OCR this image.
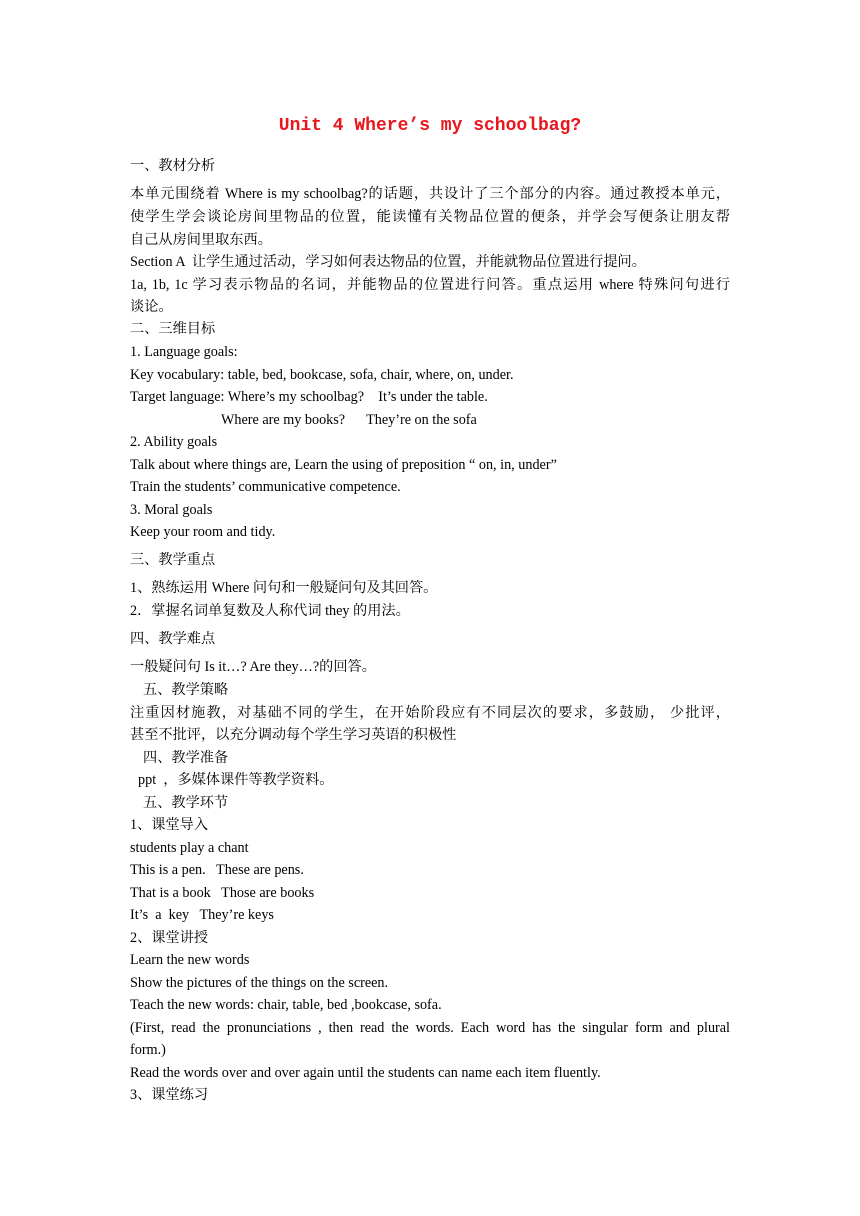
Unit 4 Where’s my schoolbag?
一、教材分析
本单元围绕着 Where is my schoolbag?的话题，共设计了三个部分的内容。通过教授本单元，
使学生学会谈论房间里物品的位置，能读懂有关物品位置的便条，并学会写便条让朋友帮
自己从房间里取东西。
Section A  让学生通过活动，学习如何表达物品的位置，并能就物品位置进行提问。
1a, 1b, 1c 学习表示物品的名词，并能物品的位置进行问答。重点运用 where 特殊问句进行
谈论。
二、三维目标
1. Language goals:
Key vocabulary: table, bed, bookcase, sofa, chair, where, on, under.
Target language: Where’s my schoolbag?    It’s under the table.
Where are my books?      They’re on the sofa
2. Ability goals
Talk about where things are, Learn the using of preposition “ on, in, under”
Train the students’ communicative competence.
3. Moral goals
Keep your room and tidy.
三、教学重点
1、熟练运用 Where 问句和一般疑问句及其回答。
2．掌握名词单复数及人称代词 they 的用法。
四、教学难点
一般疑问句 Is it…? Are they…?的回答。
五、教学策略
注重因材施教，对基础不同的学生，在开始阶段应有不同层次的要求，多鼓励， 少批评，
甚至不批评，以充分调动每个学生学习英语的积极性
四、教学准备
ppt  ，多媒体课件等教学资料。
五、教学环节
1、课堂导入
students play a chant
This is a pen.   These are pens.
That is a book   Those are books
It’s  a  key   They’re keys
2、课堂讲授
Learn the new words
Show the pictures of the things on the screen.
Teach the new words: chair, table, bed ,bookcase, sofa.
(First, read the pronunciations , then read the words. Each word has the singular form and plural
form.)
Read the words over and over again until the students can name each item fluently.
3、课堂练习
